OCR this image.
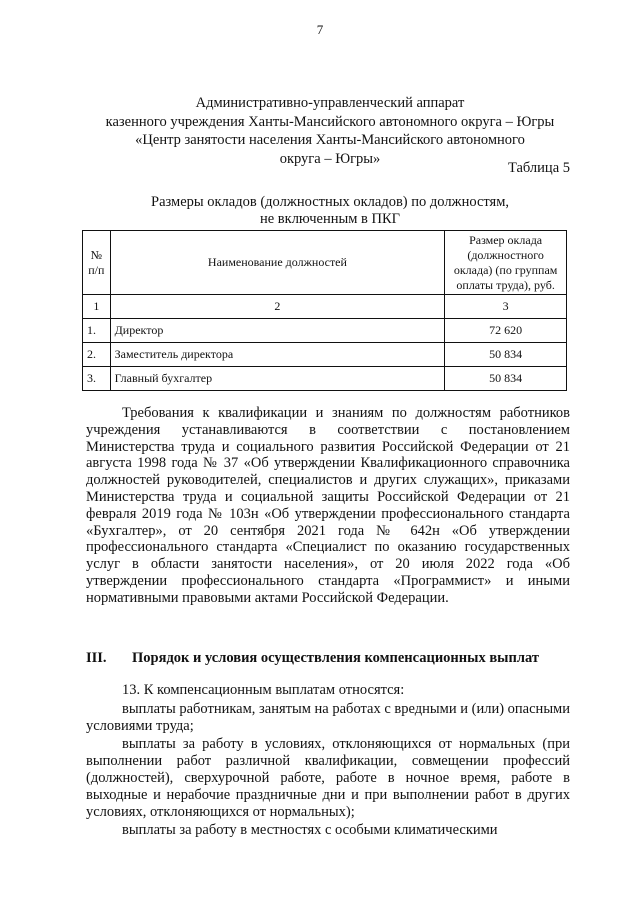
7
Административно-управленческий аппарат
казенного учреждения Ханты-Мансийского автономного округа – Югры
«Центр занятости населения Ханты-Мансийского автономного
округа – Югры»
Таблица 5
Размеры окладов (должностных окладов) по должностям,
не включенным в ПКГ
№ п/п	Наименование должностей	Размер оклада (должностного оклада) (по группам оплаты труда), руб.
1	2	3
1.	Директор	72 620
2.	Заместитель директора	50 834
3.	Главный бухгалтер	50 834

Требования к квалификации и знаниям по должностям работников учреждения устанавливаются в соответствии с постановлением Министерства труда и социального развития Российской Федерации от 21 августа 1998 года № 37 «Об утверждении Квалификационного справочника должностей руководителей, специалистов и других служащих», приказами Министерства труда и социальной защиты Российской Федерации от 21 февраля 2019 года № 103н «Об утверждении профессионального стандарта «Бухгалтер», от 20 сентября 2021 года № 642н «Об утверждении профессионального стандарта «Специалист по оказанию государственных услуг в области занятости населения», от 20 июля 2022 года «Об утверждении профессионального стандарта «Программист» и иными нормативными правовыми актами Российской Федерации.

III. Порядок и условия осуществления компенсационных выплат

13. К компенсационным выплатам относятся:

выплаты работникам, занятым на работах с вредными и (или) опасными условиями труда;

выплаты за работу в условиях, отклоняющихся от нормальных (при выполнении работ различной квалификации, совмещении профессий (должностей), сверхурочной работе, работе в ночное время, работе в выходные и нерабочие праздничные дни и при выполнении работ в других условиях, отклоняющихся от нормальных);

выплаты за работу в местностях с особыми климатическими
